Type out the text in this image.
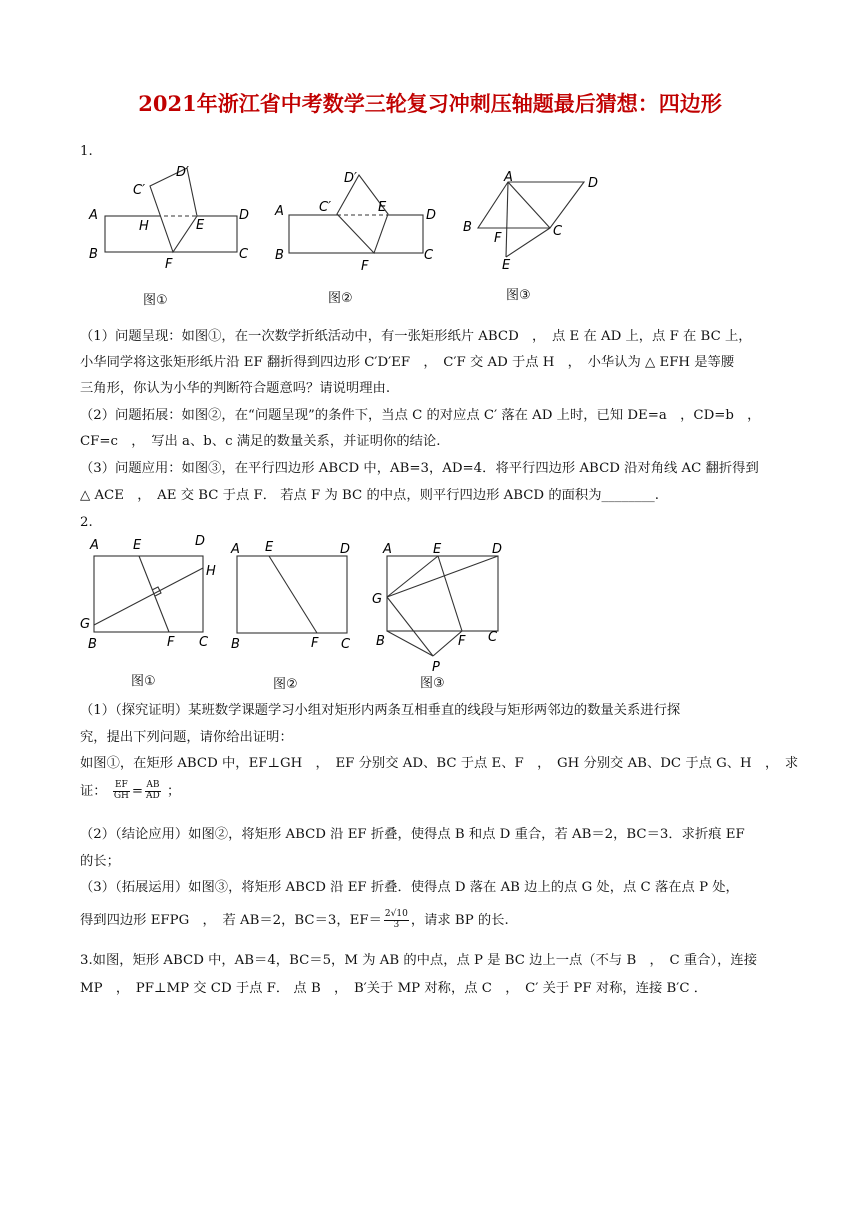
2021年浙江省中考数学三轮复习冲刺压轴题最后猜想：四边形
1.
D′
C′
A
H	E
D
B
F
C
图①
D′
C′	E
A	D
B
F
C
图②
A	D
B
F	C
E
图③
（1）问题呈现：如图①，在一次数学折纸活动中，有一张矩形纸片 ABCD　，　点 E 在 AD 上，点 F 在 BC 上，
小华同学将这张矩形纸片沿 EF 翻折得到四边形 C′D′EF　，　C′F 交 AD 于点 H　，　小华认为 △ EFH 是等腰
三角形，你认为小华的判断符合题意吗？请说明理由.
（2）问题拓展：如图②，在“问题呈现”的条件下，当点 C 的对应点 C′ 落在 AD 上时，已知 DE=a　，CD=b　，
CF=c　，　写出 a、b、c 满足的数量关系，并证明你的结论.
（3）问题应用：如图③，在平行四边形 ABCD 中，AB=3，AD=4．将平行四边形 ABCD 沿对角线 AC 翻折得到
△ ACE　，　AE 交 BC 于点 F． 若点 F 为 BC 的中点，则平行四边形 ABCD 的面积为________.
2.
A	E	D
H
G
B	F C
图①
A E	D
B	F C
图②
A	E	D
G
B	F C
P
图③
（1）（探究证明）某班数学课题学习小组对矩形内两条互相垂直的线段与矩形两邻边的数量关系进行探
究，提出下列问题，请你给出证明：
如图①，在矩形 ABCD 中，EF⊥GH　，　EF 分别交 AD、BC 于点 E、F　，　GH 分别交 AB、DC 于点 G、H　，　求
证： $\frac{EF}{GH} = \frac{AB}{AD}$ ；
（2）（结论应用）如图②，将矩形 ABCD 沿 EF 折叠，使得点 B 和点 D 重合，若 AB＝2，BC＝3．求折痕 EF
的长；
（3）（拓展运用）如图③，将矩形 ABCD 沿 EF 折叠．使得点 D 落在 AB 边上的点 G 处，点 C 落在点 P 处，
得到四边形 EFPG　，　若 AB＝2，BC＝3，$EF= \frac{2√10}{3}$ ，请求 BP 的长.
3.如图，矩形 ABCD 中，AB＝4，BC＝5，M 为 AB 的中点，点 P 是 BC 边上一点（不与 B　，　C 重合），连接
MP　，　PF⊥MP 交 CD 于点 F． 点 B　，　B′关于 MP 对称，点 C　，　C′ 关于 PF 对称，连接 B′C ．
